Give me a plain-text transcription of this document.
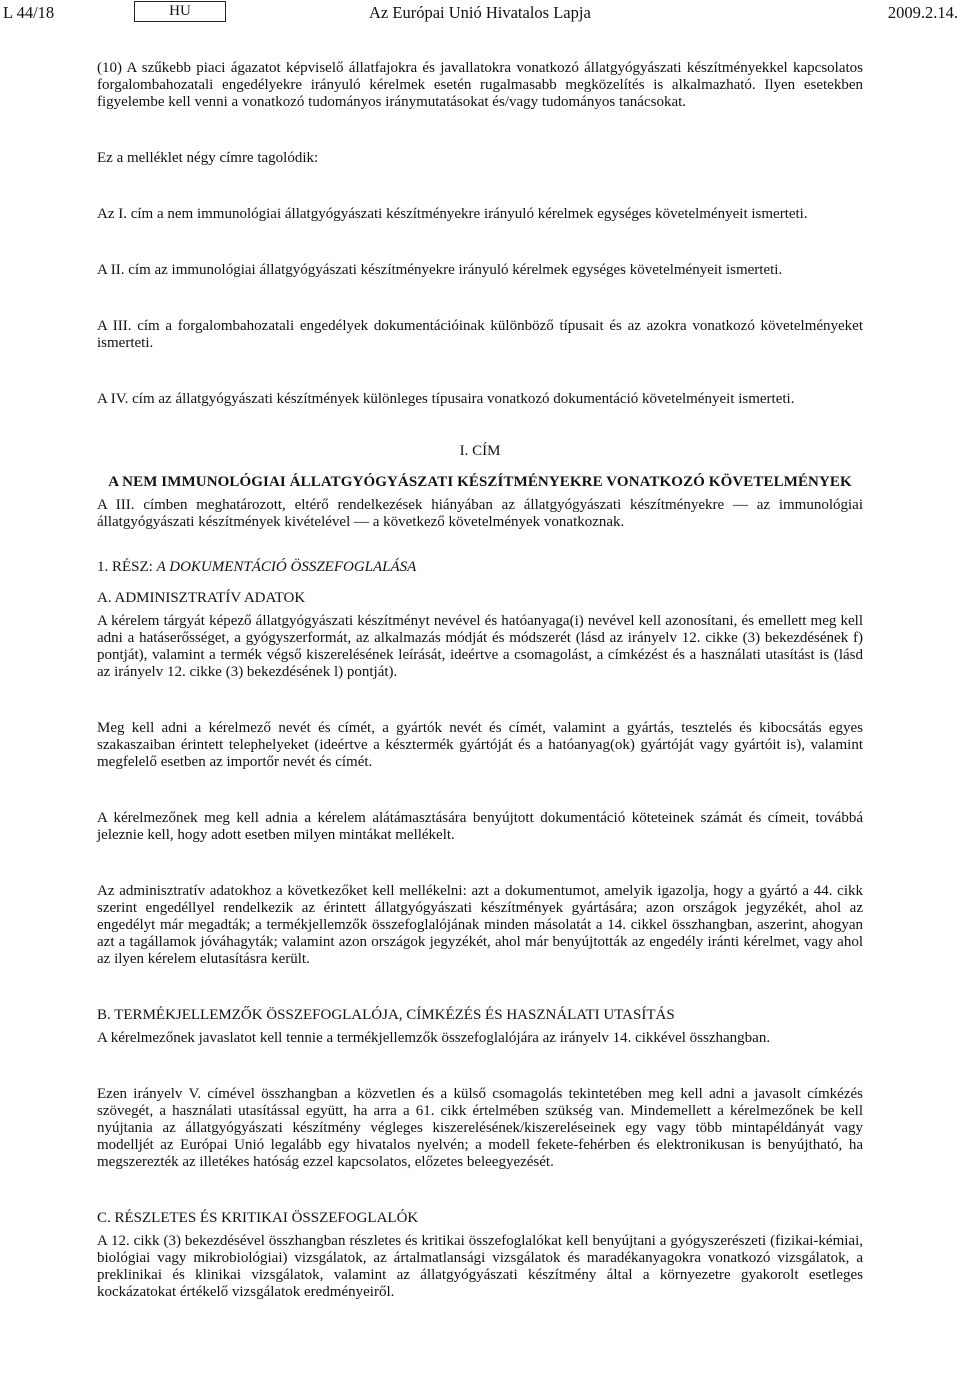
L 44/18	HU	Az Európai Unió Hivatalos Lapja	2009.2.14.

(10) A szűkebb piaci ágazatot képviselő állatfajokra és javallatokra vonatkozó állatgyógyászati készítményekkel kapcsolatos forgalombahozatali engedélyekre irányuló kérelmek esetén rugalmasabb megközelítés is alkalmazható. Ilyen esetekben figyelembe kell venni a vonatkozó tudományos iránymutatásokat és/vagy tudományos tanácsokat.

Ez a melléklet négy címre tagolódik:

Az I. cím a nem immunológiai állatgyógyászati készítményekre irányuló kérelmek egységes követelményeit ismerteti.

A II. cím az immunológiai állatgyógyászati készítményekre irányuló kérelmek egységes követelményeit ismerteti.

A III. cím a forgalombahozatali engedélyek dokumentációinak különböző típusait és az azokra vonatkozó követelményeket ismerteti.

A IV. cím az állatgyógyászati készítmények különleges típusaira vonatkozó dokumentáció követelményeit ismerteti.

I. CÍM

A NEM IMMUNOLÓGIAI ÁLLATGYÓGYÁSZATI KÉSZÍTMÉNYEKRE VONATKOZÓ KÖVETELMÉNYEK

A III. címben meghatározott, eltérő rendelkezések hiányában az állatgyógyászati készítményekre — az immunológiai állatgyógyászati készítmények kivételével — a következő követelmények vonatkoznak.

1. RÉSZ: A DOKUMENTÁCIÓ ÖSSZEFOGLALÁSA

A. ADMINISZTRATÍV ADATOK

A kérelem tárgyát képező állatgyógyászati készítményt nevével és hatóanyaga(i) nevével kell azonosítani, és emellett meg kell adni a hatáserősséget, a gyógyszerformát, az alkalmazás módját és módszerét (lásd az irányelv 12. cikke (3) bekezdésének f) pontját), valamint a termék végső kiszerelésének leírását, ideértve a csomagolást, a címkézést és a használati utasítást is (lásd az irányelv 12. cikke (3) bekezdésének l) pontját).

Meg kell adni a kérelmező nevét és címét, a gyártók nevét és címét, valamint a gyártás, tesztelés és kibocsátás egyes szakaszaiban érintett telephelyeket (ideértve a késztermék gyártóját és a hatóanyag(ok) gyártóját vagy gyártóit is), valamint megfelelő esetben az importőr nevét és címét.

A kérelmezőnek meg kell adnia a kérelem alátámasztására benyújtott dokumentáció köteteinek számát és címeit, továbbá jeleznie kell, hogy adott esetben milyen mintákat mellékelt.

Az adminisztratív adatokhoz a következőket kell mellékelni: azt a dokumentumot, amelyik igazolja, hogy a gyártó a 44. cikk szerint engedéllyel rendelkezik az érintett állatgyógyászati készítmények gyártására; azon országok jegyzékét, ahol az engedélyt már megadták; a termékjellemzők összefoglalójának minden másolatát a 14. cikkel összhangban, aszerint, ahogyan azt a tagállamok jóváhagyták; valamint azon országok jegyzékét, ahol már benyújtották az engedély iránti kérelmet, vagy ahol az ilyen kérelem elutasításra került.

B. TERMÉKJELLEMZŐK ÖSSZEFOGLALÓJA, CÍMKÉZÉS ÉS HASZNÁLATI UTASÍTÁS

A kérelmezőnek javaslatot kell tennie a termékjellemzők összefoglalójára az irányelv 14. cikkével összhangban.

Ezen irányelv V. címével összhangban a közvetlen és a külső csomagolás tekintetében meg kell adni a javasolt címkézés szövegét, a használati utasítással együtt, ha arra a 61. cikk értelmében szükség van. Mindemellett a kérelmezőnek be kell nyújtania az állatgyógyászati készítmény végleges kiszerelésének/kiszereléseinek egy vagy több mintapéldányát vagy modelljét az Európai Unió legalább egy hivatalos nyelvén; a modell fekete-fehérben és elektronikusan is benyújtható, ha megszerezték az illetékes hatóság ezzel kapcsolatos, előzetes beleegyezését.

C. RÉSZLETES ÉS KRITIKAI ÖSSZEFOGLALÓK

A 12. cikk (3) bekezdésével összhangban részletes és kritikai összefoglalókat kell benyújtani a gyógyszerészeti (fizikai-kémiai, biológiai vagy mikrobiológiai) vizsgálatok, az ártalmatlansági vizsgálatok és maradékanyagokra vonatkozó vizsgálatok, a preklinikai és klinikai vizsgálatok, valamint az állatgyógyászati készítmény által a környezetre gyakorolt esetleges kockázatokat értékelő vizsgálatok eredményeiről.
